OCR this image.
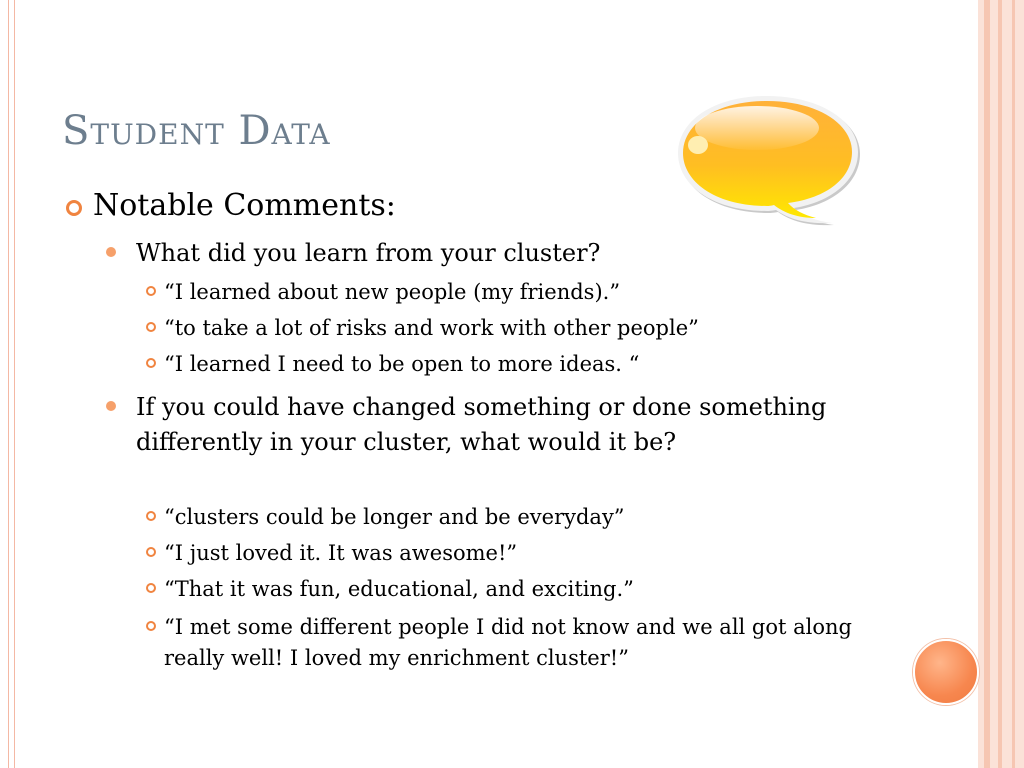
Student Data
Notable Comments:
What did you learn from your cluster?
“I learned about new people (my friends).”
“to take a lot of risks and work with other people”
“I learned I need to be open to more ideas. “
If you could have changed something or done something differently in your cluster, what would it be?
“clusters could be longer and be everyday”
“I just loved it. It was awesome!”
“That it was fun, educational, and exciting.”
“I met some different people I did not know and we all got along really well! I loved my enrichment cluster!”
